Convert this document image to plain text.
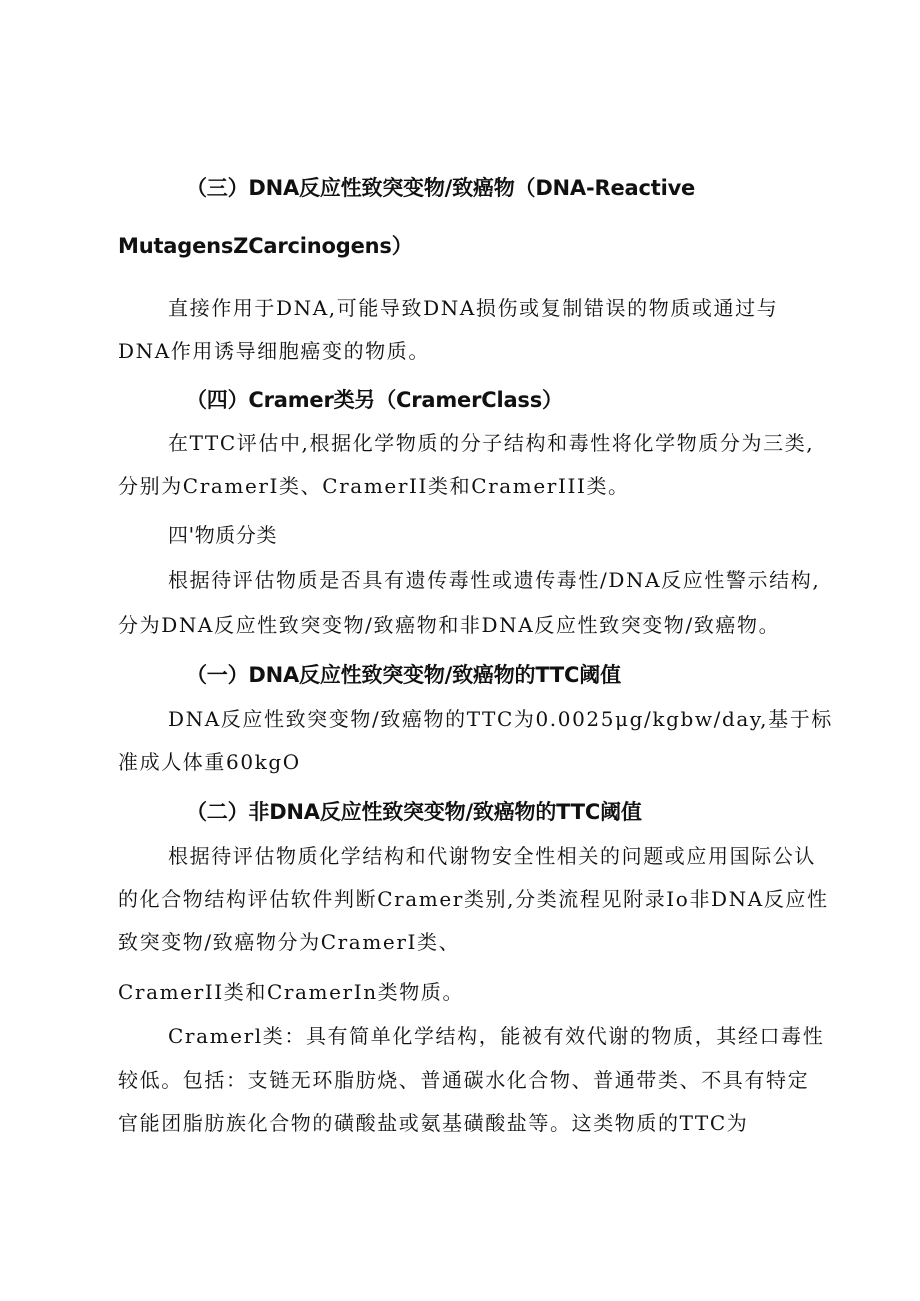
（三）DNA反应性致突变物/致癌物（DNA-Reactive
MutagensZCarcinogens）
直接作用于DNA,可能导致DNA损伤或复制错误的物质或通过与
DNA作用诱导细胞癌变的物质。
（四）Cramer类另（CramerClass）
在TTC评估中,根据化学物质的分子结构和毒性将化学物质分为三类,
分别为CramerI类、CramerII类和CramerIII类。
四'物质分类
根据待评估物质是否具有遗传毒性或遗传毒性/DNA反应性警示结构,
分为DNA反应性致突变物/致癌物和非DNA反应性致突变物/致癌物。
（一）DNA反应性致突变物/致癌物的TTC阈值
DNA反应性致突变物/致癌物的TTC为0.0025μg∕kgbw/day,基于标
准成人体重60kgO
（二）非DNA反应性致突变物/致癌物的TTC阈值
根据待评估物质化学结构和代谢物安全性相关的问题或应用国际公认
的化合物结构评估软件判断Cramer类别,分类流程见附录Io非DNA反应性
致突变物/致癌物分为CramerI类、
CramerII类和CramerIn类物质。
Cramerl类：具有简单化学结构，能被有效代谢的物质，其经口毒性
较低。包括：支链无环脂肪烧、普通碳水化合物、普通带类、不具有特定
官能团脂肪族化合物的磺酸盐或氨基磺酸盐等。这类物质的TTC为
